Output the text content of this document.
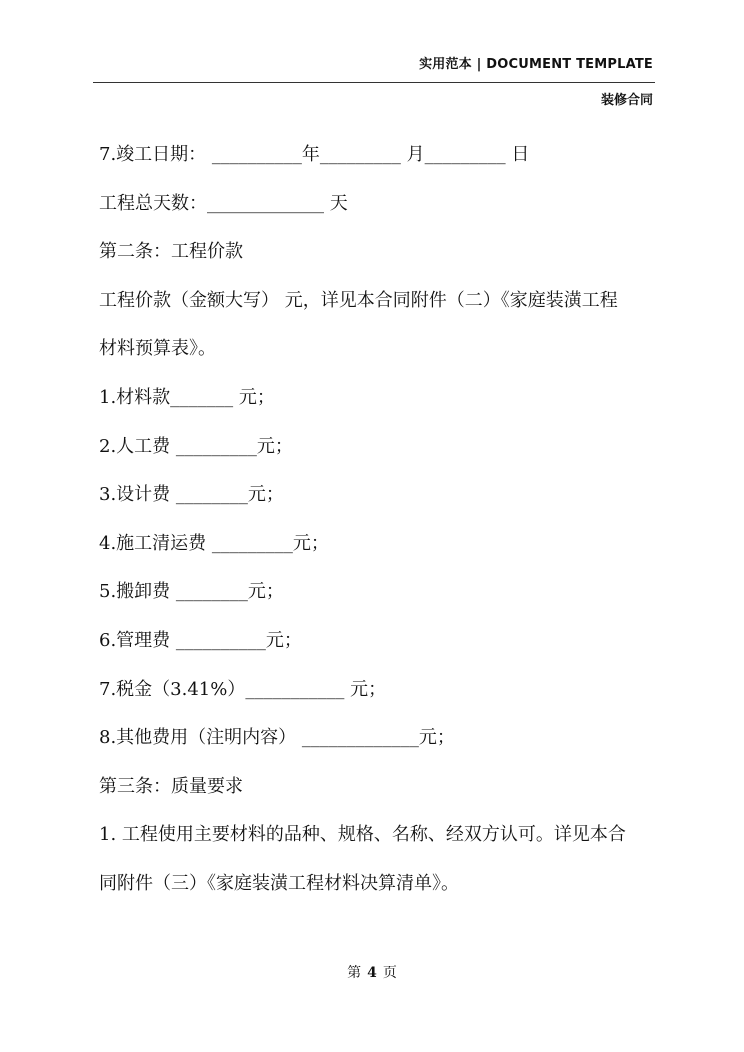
实用范本 | DOCUMENT TEMPLATE
装修合同
7.竣工日期： __________年_________ 月_________ 日
工程总天数：_____________ 天
第二条：工程价款
工程价款（金额大写） 元，详见本合同附件（二）《家庭装潢工程
材料预算表》。
1.材料款_______ 元；
2.人工费 _________元；
3.设计费 ________元；
4.施工清运费 _________元；
5.搬卸费 ________元；
6.管理费 __________元；
7.税金（3.41%）___________ 元；
8.其他费用（注明内容） _____________元；
第三条：质量要求
1. 工程使用主要材料的品种、规格、名称、经双方认可。详见本合
同附件（三）《家庭装潢工程材料决算清单》。
第 4 页
